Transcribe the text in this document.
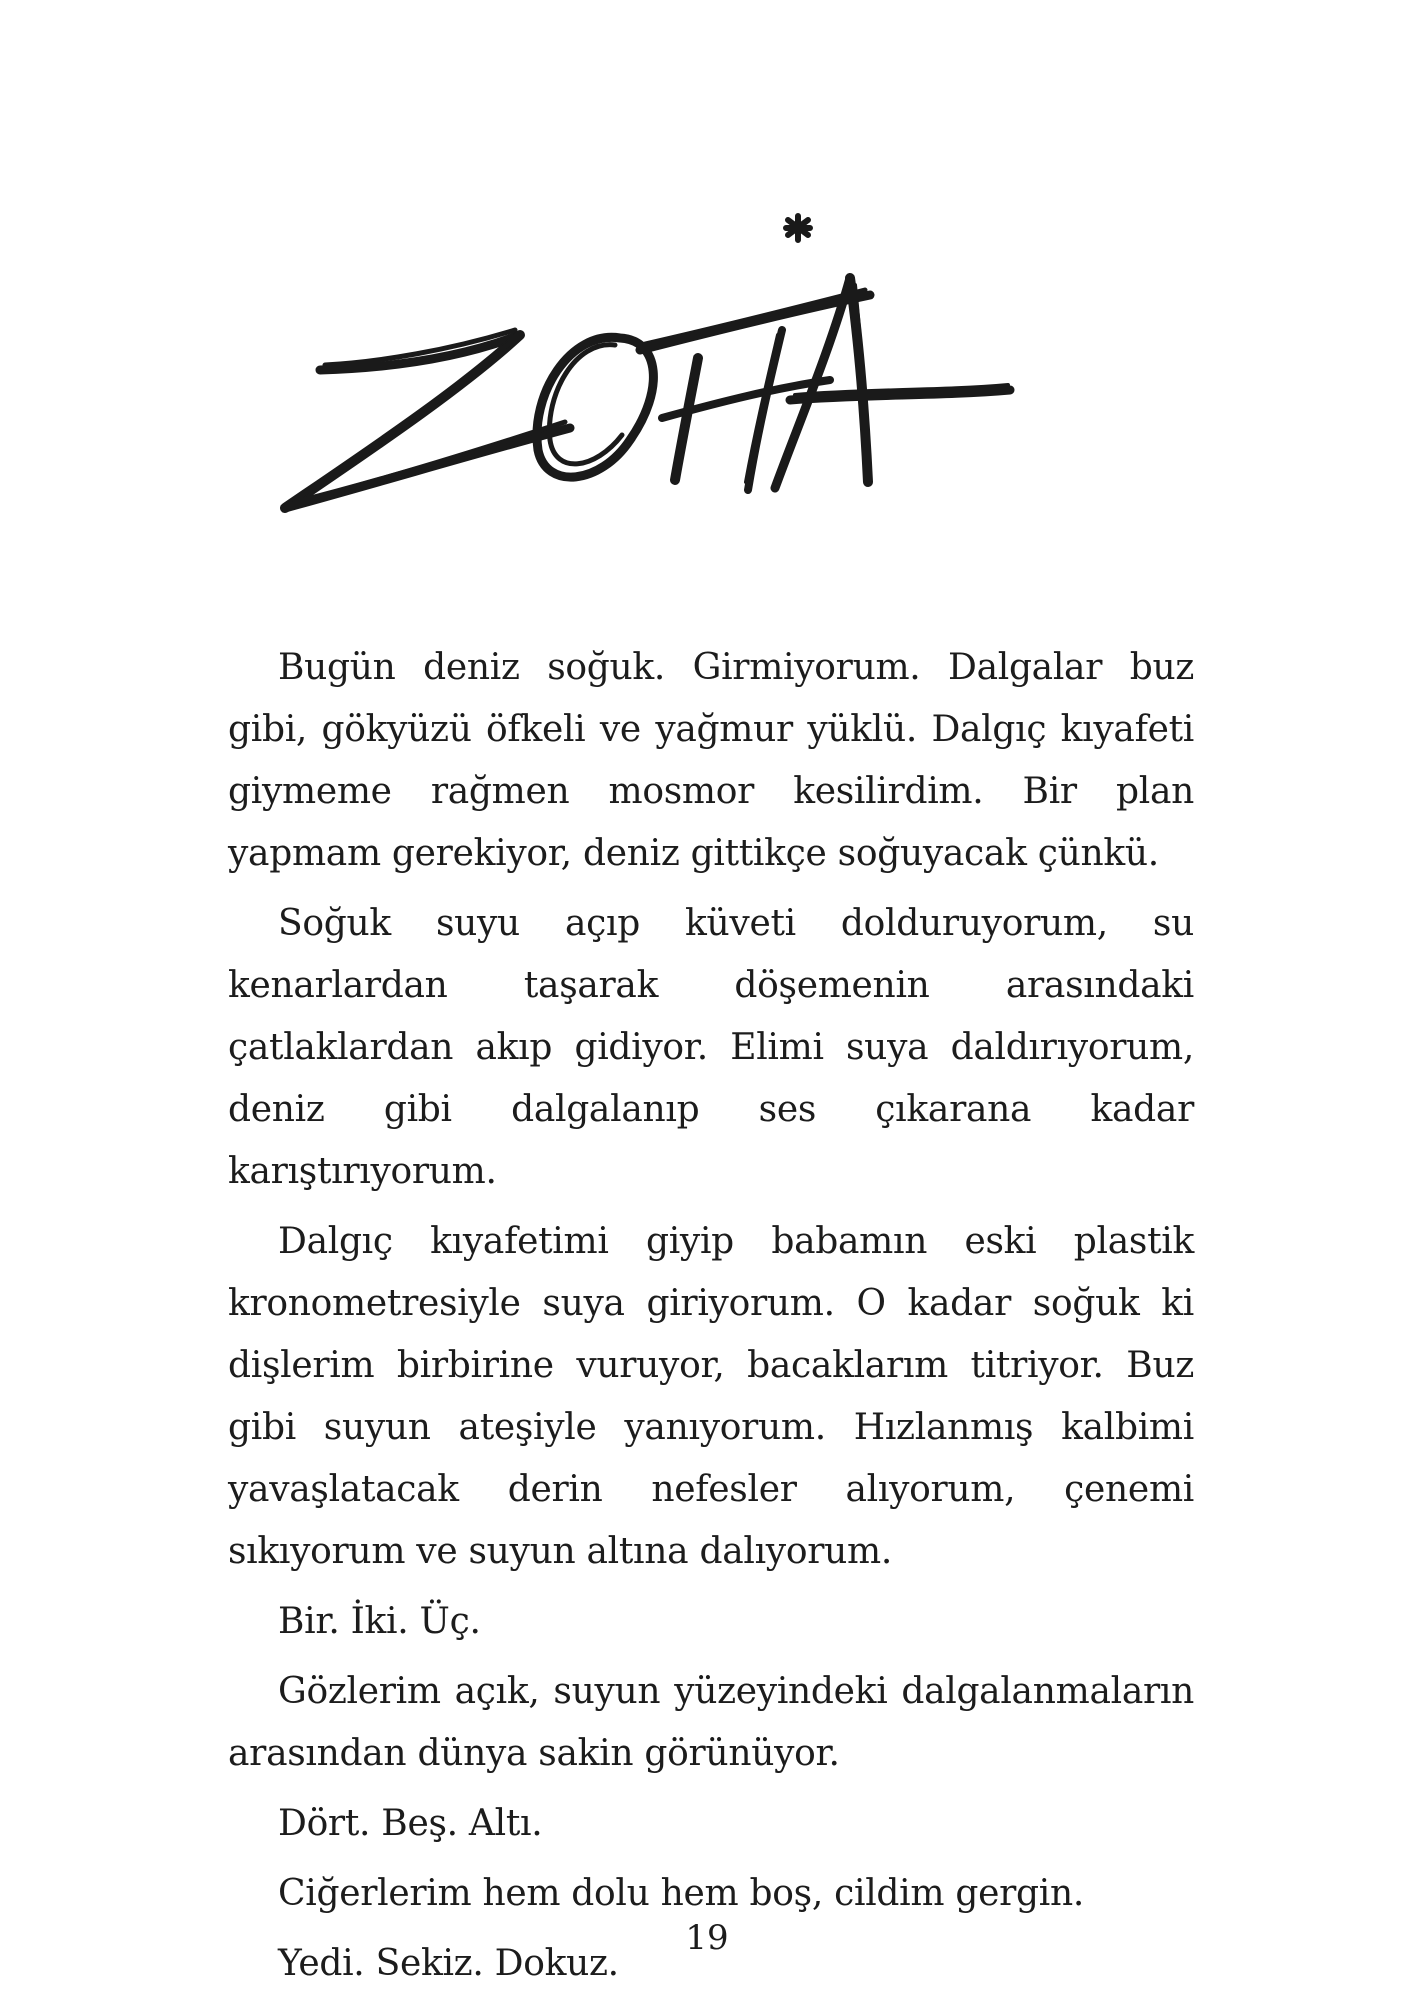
Bugün deniz soğuk. Girmiyorum. Dalgalar buz gibi, gökyüzü öfkeli ve yağmur yüklü. Dalgıç kıyafeti giymeme rağmen mosmor kesilirdim. Bir plan yapmam gerekiyor, deniz gittikçe soğuyacak çünkü.

Soğuk suyu açıp küveti dolduruyorum, su kenarlardan taşarak döşemenin arasındaki çatlaklardan akıp gidiyor. Elimi suya daldırıyorum, deniz gibi dalgalanıp ses çıkarana kadar karıştırıyorum.

Dalgıç kıyafetimi giyip babamın eski plastik kronometresiyle suya giriyorum. O kadar soğuk ki dişlerim birbirine vuruyor, bacaklarım titriyor. Buz gibi suyun ateşiyle yanıyorum. Hızlanmış kalbimi yavaşlatacak derin nefesler alıyorum, çenemi sıkıyorum ve suyun altına dalıyorum.

Bir. İki. Üç.

Gözlerim açık, suyun yüzeyindeki dalgalanmaların arasından dünya sakin görünüyor.

Dört. Beş. Altı.

Ciğerlerim hem dolu hem boş, cildim gergin.

Yedi. Sekiz. Dokuz.

19
